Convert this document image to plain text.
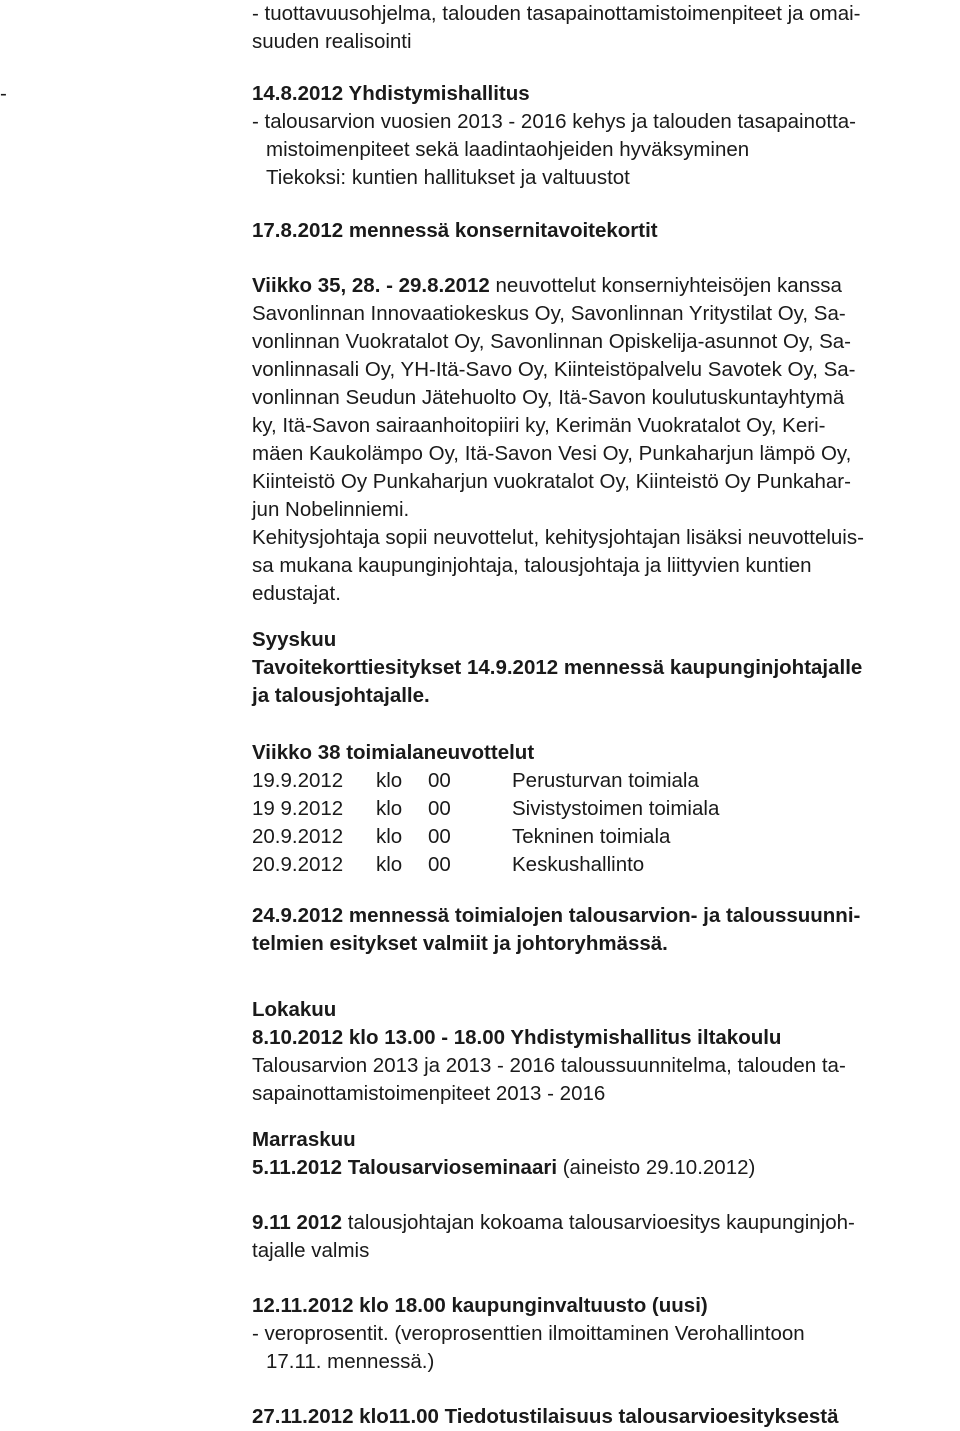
- tuottavuusohjelma, talouden tasapainottamistoimenpiteet ja omai-
suuden realisointi
-	14.8.2012 Yhdistymishallitus
- talousarvion vuosien 2013 - 2016 kehys ja talouden tasapainotta-
mistoimenpiteet sekä laadintaohjeiden hyväksyminen
Tiekoksi: kuntien hallitukset ja valtuustot
17.8.2012 mennessä konsernitavoitekortit
Viikko 35, 28. - 29.8.2012 neuvottelut konserniyhteisöjen kanssa
Savonlinnan Innovaatiokeskus Oy, Savonlinnan Yritystilat Oy, Sa-
vonlinnan Vuokratalot Oy, Savonlinnan Opiskelija-asunnot Oy, Sa-
vonlinnasali Oy, YH-Itä-Savo Oy, Kiinteistöpalvelu Savotek Oy, Sa-
vonlinnan Seudun Jätehuolto Oy, Itä-Savon koulutuskuntayhtymä
ky, Itä-Savon sairaanhoitopiiri ky, Kerimän Vuokratalot Oy, Keri-
mäen Kaukolämpo Oy, Itä-Savon Vesi Oy, Punkaharjun lämpö Oy,
Kiinteistö Oy Punkaharjun vuokratalot Oy, Kiinteistö Oy Punkahar-
jun Nobelinniemi.
Kehitysjohtaja sopii neuvottelut, kehitysjohtajan lisäksi neuvotteluis-
sa mukana kaupunginjohtaja, talousjohtaja ja liittyvien kuntien
edustajat.
Syyskuu
Tavoitekorttiesitykset 14.9.2012 mennessä kaupunginjohtajalle
ja talousjohtajalle.
Viikko 38 toimialaneuvottelut
19.9.2012 klo 00	Perusturvan toimiala
19 9.2012 klo 00	Sivistystoimen toimiala
20.9.2012 klo 00	Tekninen toimiala
20.9.2012 klo 00	Keskushallinto
24.9.2012 mennessä toimialojen talousarvion- ja taloussuunni-
telmien esitykset valmiit ja johtoryhmässä.
Lokakuu
8.10.2012 klo 13.00 - 18.00 Yhdistymishallitus iltakoulu
Talousarvion 2013 ja 2013 - 2016 taloussuunnitelma, talouden ta-
sapainottamistoimenpiteet 2013 - 2016
Marraskuu
5.11.2012 Talousarvioseminaari (aineisto 29.10.2012)
9.11 2012 talousjohtajan kokoama talousarvioesitys kaupunginjoh-
tajalle valmis
12.11.2012 klo 18.00 kaupunginvaltuusto (uusi)
- veroprosentit. (veroprosenttien ilmoittaminen Verohallintoon
17.11. mennessä.)
27.11.2012 klo11.00 Tiedotustilaisuus talousarvioesityksestä
